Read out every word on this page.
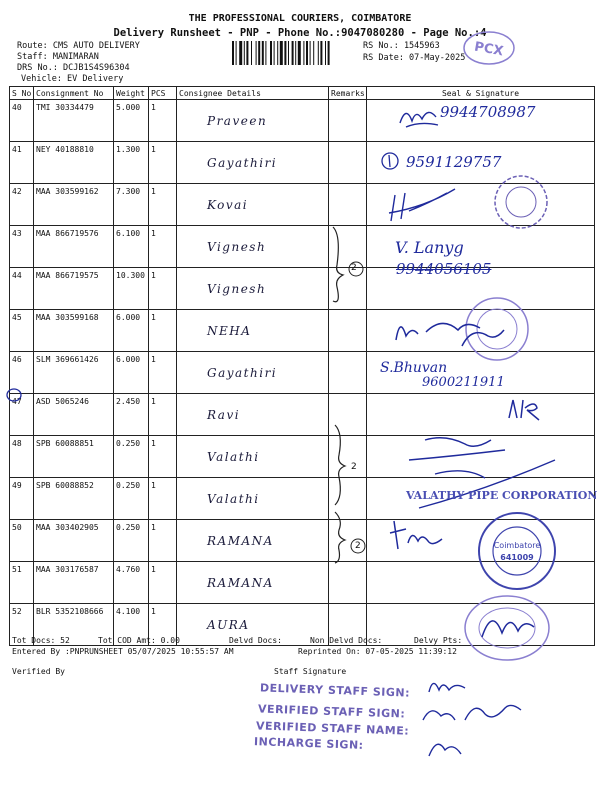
THE PROFESSIONAL COURIERS, COIMBATORE
Delivery Runsheet - PNP - Phone No.:9047080280 - Page No.:4
Route: CMS AUTO DELIVERY
Staff: MANIMARAN
DRS No.: DCJB1S4S96304
Vehicle: EV Delivery
RS No.: 1545963
RS Date: 07-May-2025 PCX
S No	Consignment No	Weight	PCS	Consignee Details	Remarks	Seal & Signature
40	TMI 30334479	5.000	1	Praveen		
41	NEY 40188810	1.300	1	Gayathiri		
42	MAA 303599162	7.300	1	Kovai		
43	MAA 866719576	6.100	1	Vignesh		
44	MAA 866719575	10.300	1	Vignesh		
45	MAA 303599168	6.000	1	NEHA		
46	SLM 369661426	6.000	1	Gayathiri		
47	ASD 5065246	2.450	1	Ravi		
48	SPB 60088851	0.250	1	Valathi		
49	SPB 60088852	0.250	1	Valathi		
50	MAA 303402905	0.250	1	RAMANA		
51	MAA 303176587	4.760	1	RAMANA		
52	BLR 5352108666	4.100	1	AURA		
2
2
2
9944708987
9591129757
V. Lanyg
9944056105
S.Bhuvan
9600211911
VALATHY PIPE CORPORATION
Coimbatore
641009
Tot Docs: 52	Tot COD Amt: 0.00	Delvd Docs:	Non Delvd Docs:	Delvy Pts:
Entered By :PNPRUNSHEET 05/07/2025 10:55:57 AM	Reprinted On: 07-05-2025 11:39:12
Verified By	Staff Signature
DELIVERY STAFF SIGN:
VERIFIED STAFF SIGN:
VERIFIED STAFF NAME:
INCHARGE SIGN:
